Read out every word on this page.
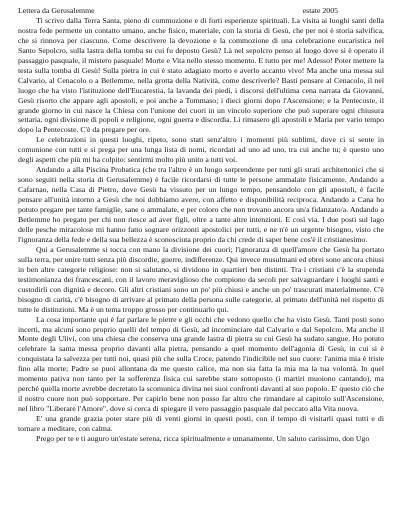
Lettera da Gerusalemme	estate 2005

Ti scrivo dalla Terra Santa, pieno di commozione e di forti esperienze spirituali. La visita ai luoghi santi della nostra fede permette un contatto umano, anche fisico, materiale, con la storia di Gesù, che per noi è storia salvifica, che si rinnova per ciascuno. Come descrivere la devozione e la commozione di una celebrazione eucaristica nel Santo Sepolcro, sulla lastra della tomba su cui fu deposto Gesù? Là nel sepolcro penso al luogo dove si è operato il passaggio pasquale, il mistero pasquale! Morte e Vita nello stesso momento. E tutto per me! Adesso! Poter mettere la testa sulla tomba di Gesù! Sulla pietra in cui è stato adagiato morto e averlo accanto vivo! Ma anche una messa sul Calvario, al Cenacolo o a Betlemme, nella grotta della Natività, come descriverle? Basti pensare al Cenacolo, il nel luogo che ha visto l'istituzione dell'Eucarestia, la lavanda dei piedi, i discorsi dell'ultima cena narrata da Giovanni, Gesù risorto che appare agli apostoli, e poi anche a Tommaso; i dieci giorni dopo l'Ascensione; e la Pentecoste, il grande giorno in cui nasce la Chiesa con l'unione dei cuori in un vincolo superiore che può superare ogni chiusura settaria, ogni divisione di popoli e religione, ogni guerra e discordia. Li rimasero gli apostoli e Maria per vario tempo dopo la Pentecoste. C'è da pregare per ore.

Le celebrazioni in questi luoghi, ripeto, sono stati senz'altro i momenti più sublimi, dove ci si sente in comunione con tutti e si prega per una lunga lista di nomi, ricordati ad uno ad uno, tra cui anche tu; è questo uno degli aspetti che più mi ha colpito: sentirmi molto più unito a tutti voi.

Andando a alla Piscina Probatica (che tra l'altro è un luogo sorprendente per tutti gli strati architettonici che si sono seguiti nella storia di Gerusalemme) è facile ricordarsi di tutte le persone ammalate fisicamente. Andando a Cafarnao, nella Casa di Pietro, dove Gesù ha vissuto per un lungo tempo, pensandolo con gli apostoli, è facile pensare all'unità intorno a Gesù che noi dobbiamo avere, con affetto e disponibilità reciproca. Andando a Cana ho potuto pregare per tante famiglie, sane o ammalate, e per coloro che non trovano ancora un/a fidanzato/a. Andando a Betlemme ho pregato per chi non riesce ad aver figli, oltre a tante altre intenzioni. E così via. I due posti sul lago delle pesche miracolose mi hanno fatto sognare orizzonti apostolici per tutti, e ne n'è un urgente bisogno, visto che l'ignoranza della fede e della sua bellezza è sconosciuta proprio da chi crede di saper bene cos'è il cristianesimo.

Qui a Gerusalemme si tocca con mano la divisione dei cuori; l'ignoranza di quell'amore che Gesù ha portato sulla terra, per unire tutti senza più discordie, guerre, indifferenze. Qui invece musulmani ed ebrei sono ancora chiusi in ben altre categorie religiose: non si salutano, si dividono in quartieri ben distinti. Tra i cristiani c'è la stupenda testimonianza dei francescani, con il lavoro meraviglioso che compiono da secoli per salvaguardare i luoghi santi e custodirli con dignità e decoro. Gli altri cristiani sono un po' più chiusi e anche un po' trascurati materialmente. C'è bisogno di carità, c'è bisogno di arrivare al primato della persona sulle categorie, al primato dell'unità nel rispetto di tutte le distinzioni. Ma è un tema troppo grosso per continuarlo qui.

La cosa importante qui è far parlare le pietre e gli occhi che vedono quello che ha visto Gesù. Tanti posti sono incerti, ma alcuni sono proprio quelli del tempo di Gesù, ad incominciare dal Calvario e dal Sepolcro. Ma anche il Monte degli Ulivi, con una chiesa che conserva una grande lastra di pietra su cui Gesù ha sudato sangue. Ho potuto celebrare la santa messa proprio davanti alla pietra, pensando a quel momento dell'agonia di Gesù, in cui si è conquistata la salvezza per tutti noi, quasi più che sulla Croce, patendo l'indicibile nel suo cuore: l'anima mia è triste fino alla morte; Padre se puoi allontana da me questo calice, ma non sia fatta la mia ma la tua volontà. In quel momento pativa non tanto per la sofferenza fisica cui sarebbe stato sottoposto (i martiri muoiono cantando), ma perché quella morte avrebbe decretato la scomunica divina nei suoi confronti davanti al suo popolo. E' questo ciò che il nostro cuore non può sopportare. Per capirlo bene non posso far altro che rimandare al capitolo sull'Ascensione, nel libro "Liberare l'Amore", dove si cerca di spiegare il vero passaggio pasquale dal peccato alla Vita nuova.

E' una grande grazia poter stare più di venti giorni in questi posti, con il tempo di visitarli quasi tutti e di tornare a meditare, con calma.

Prego per te e ti auguro un'estate serena, ricca spiritualmente e umanamente. Un saluto carissimo, don Ugo
